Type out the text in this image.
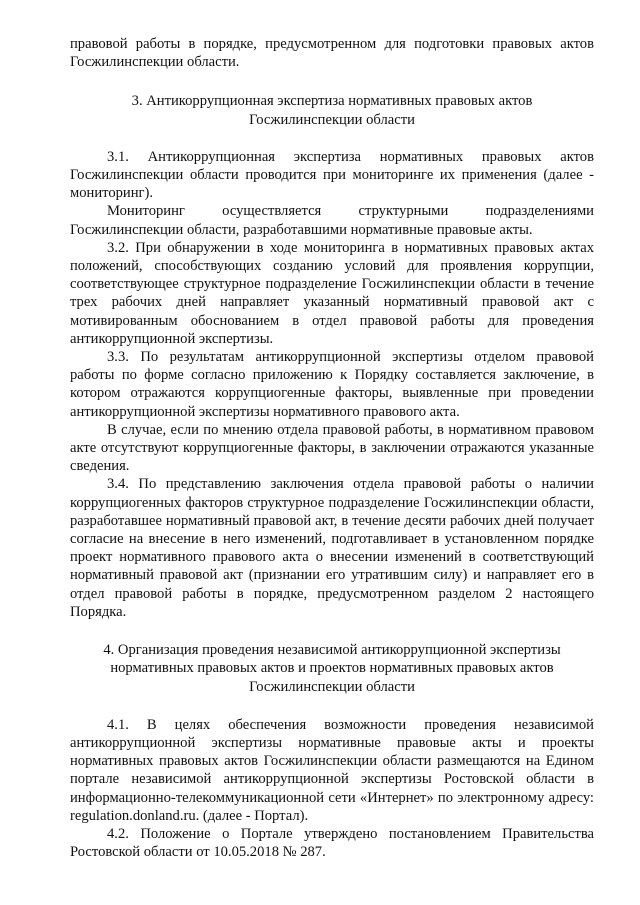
правовой работы в порядке, предусмотренном для подготовки правовых актов Госжилинспекции области.

3. Антикоррупционная экспертиза нормативных правовых актов
Госжилинспекции области

3.1. Антикоррупционная экспертиза нормативных правовых актов Госжилинспекции области проводится при мониторинге их применения (далее - мониторинг).

Мониторинг осуществляется структурными подразделениями Госжилинспекции области, разработавшими нормативные правовые акты.

3.2. При обнаружении в ходе мониторинга в нормативных правовых актах положений, способствующих созданию условий для проявления коррупции, соответствующее структурное подразделение Госжилинспекции области в течение трех рабочих дней направляет указанный нормативный правовой акт с мотивированным обоснованием в отдел правовой работы для проведения антикоррупционной экспертизы.

3.3. По результатам антикоррупционной экспертизы отделом правовой работы по форме согласно приложению к Порядку составляется заключение, в котором отражаются коррупциогенные факторы, выявленные при проведении антикоррупционной экспертизы нормативного правового акта.

В случае, если по мнению отдела правовой работы, в нормативном правовом акте отсутствуют коррупциогенные факторы, в заключении отражаются указанные сведения.

3.4. По представлению заключения отдела правовой работы о наличии коррупциогенных факторов структурное подразделение Госжилинспекции области, разработавшее нормативный правовой акт, в течение десяти рабочих дней получает согласие на внесение в него изменений, подготавливает в установленном порядке проект нормативного правового акта о внесении изменений в соответствующий нормативный правовой акт (признании его утратившим силу) и направляет его в отдел правовой работы в порядке, предусмотренном разделом 2 настоящего Порядка.

4. Организация проведения независимой антикоррупционной экспертизы
нормативных правовых актов и проектов нормативных правовых актов
Госжилинспекции области

4.1. В целях обеспечения возможности проведения независимой антикоррупционной экспертизы нормативные правовые акты и проекты нормативных правовых актов Госжилинспекции области размещаются на Едином портале независимой антикоррупционной экспертизы Ростовской области в информационно-телекоммуникационной сети «Интернет» по электронному адресу: regulation.donland.ru. (далее - Портал).

4.2. Положение о Портале утверждено постановлением Правительства Ростовской области от 10.05.2018 № 287.
